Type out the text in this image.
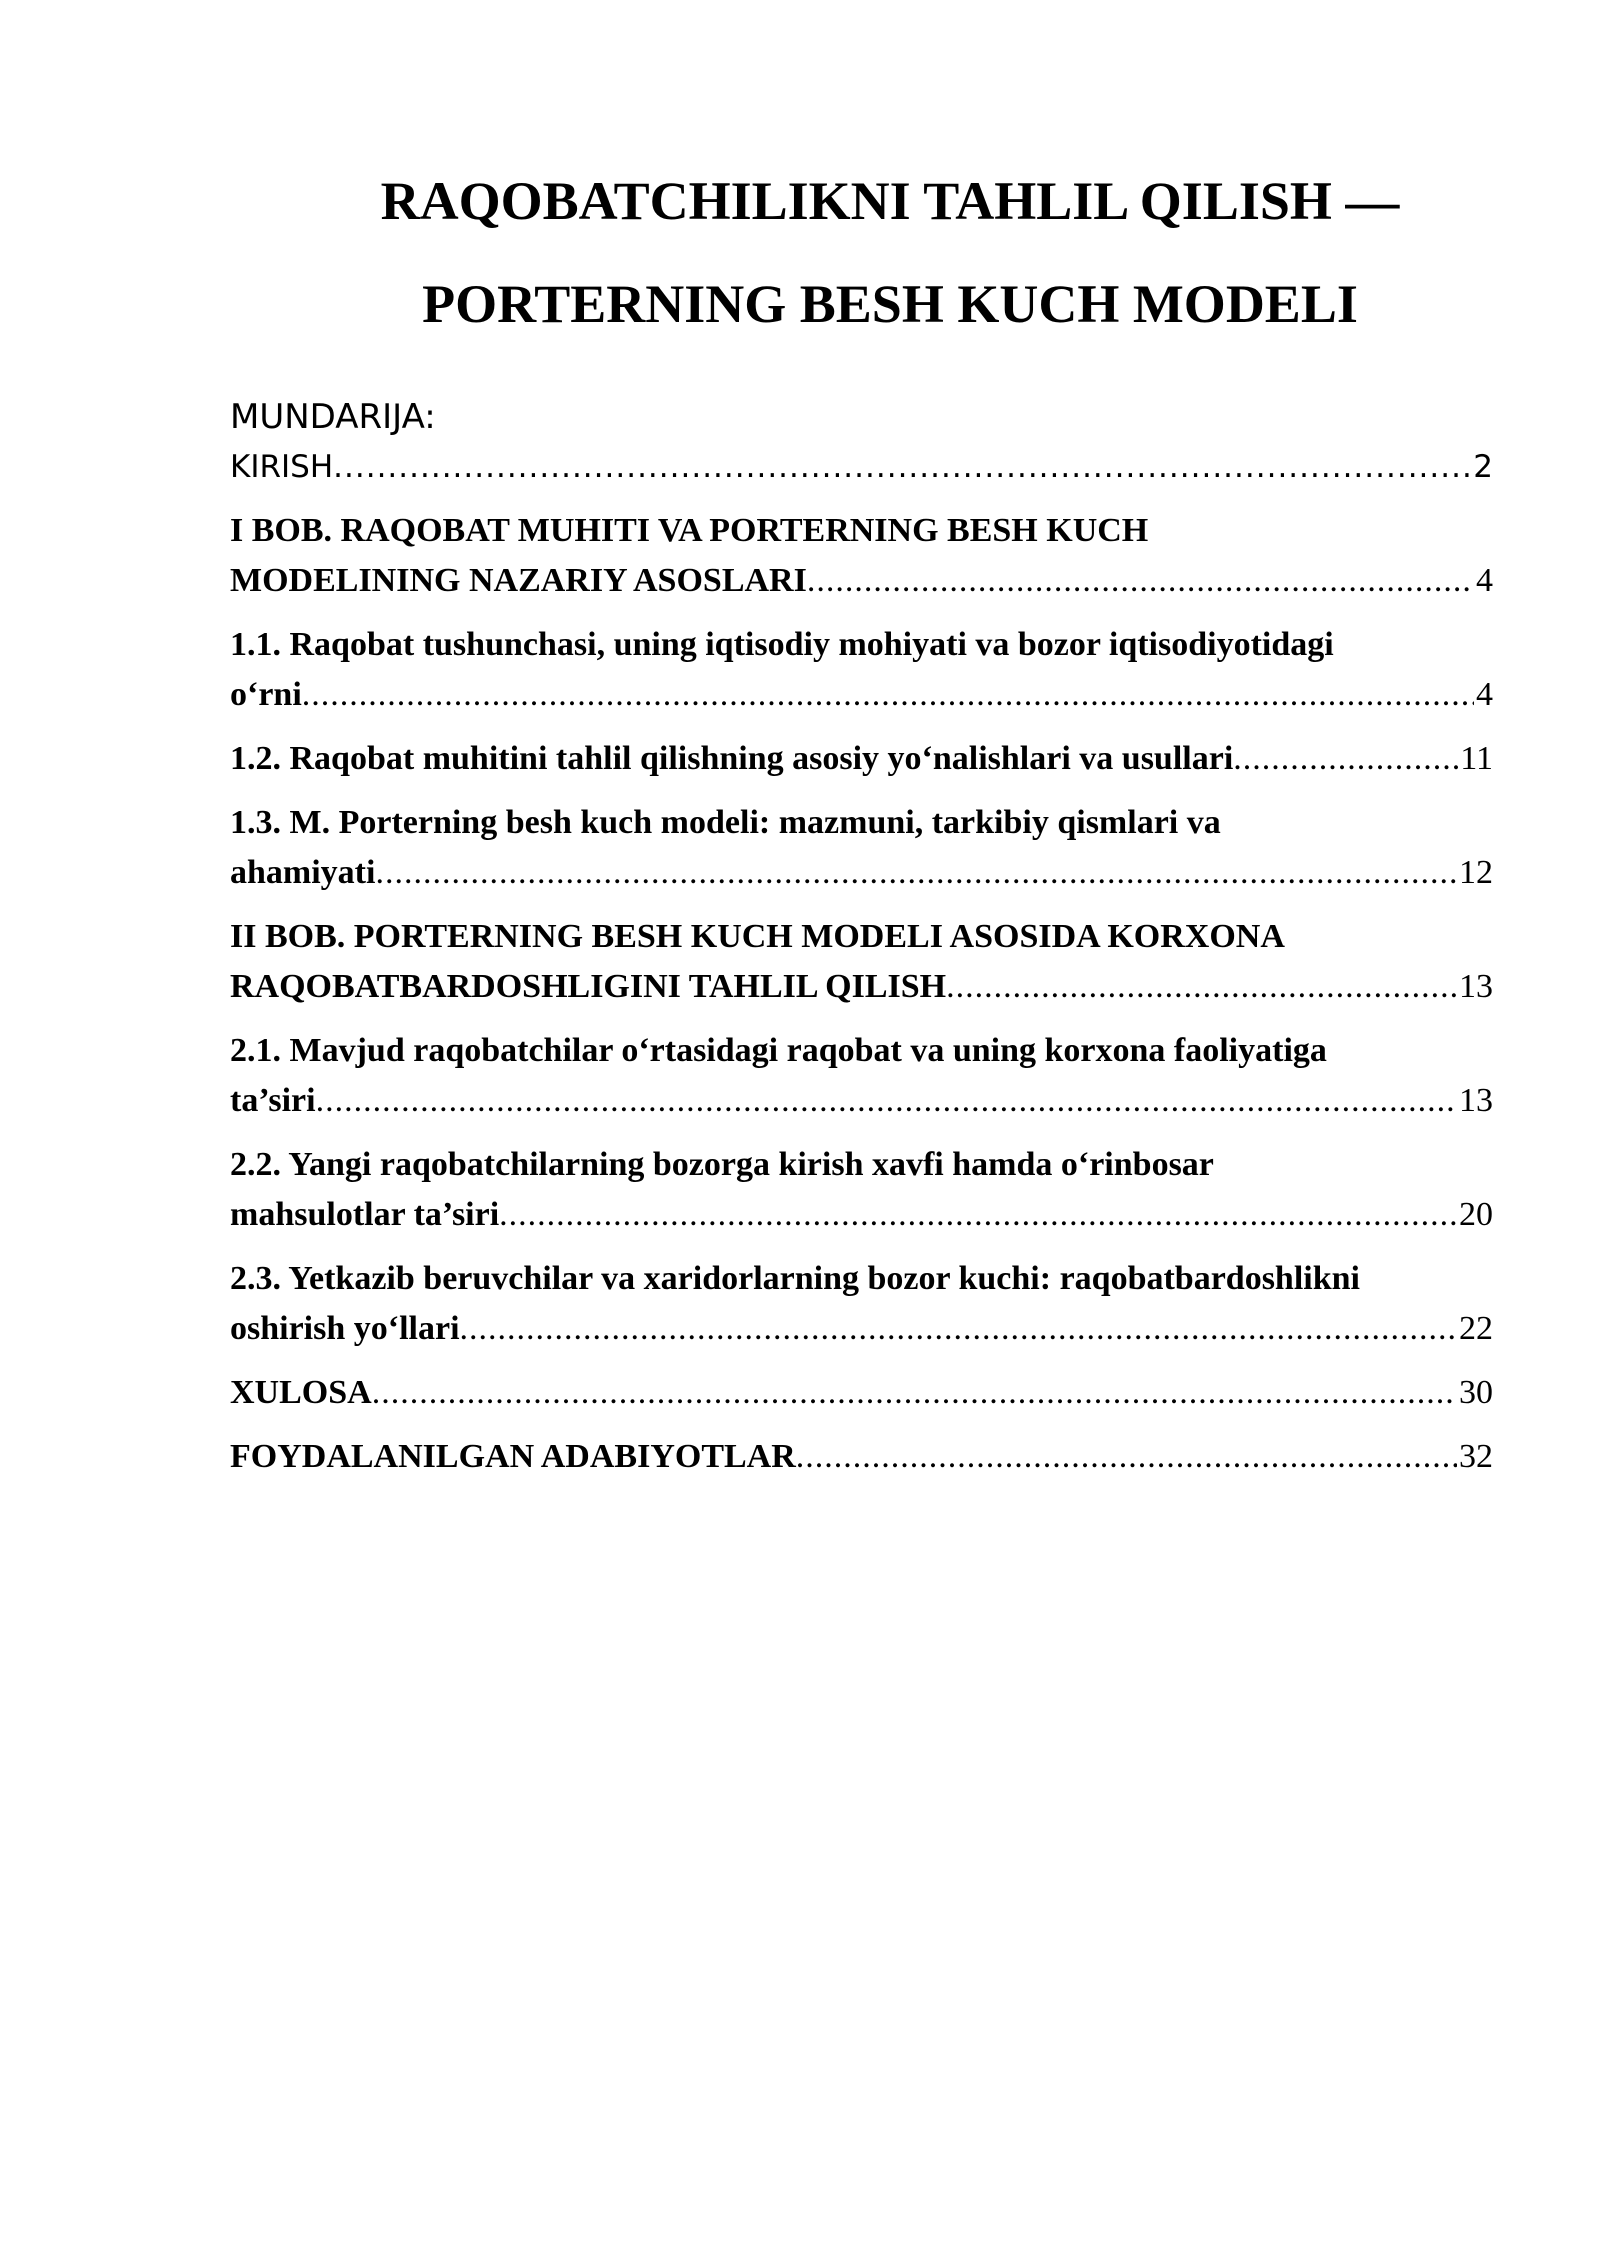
RAQOBATCHILIKNI TAHLIL QILISH —
PORTERNING BESH KUCH MODELI
MUNDARIJA:
KIRISH .....	2
I BOB. RAQOBAT MUHITI VA PORTERNING BESH KUCH
MODELINING NAZARIY ASOSLARI .....	4
1.1. Raqobat tushunchasi, uning iqtisodiy mohiyati va bozor iqtisodiyotidagi
o‘rni .....	4
1.2. Raqobat muhitini tahlil qilishning asosiy yo‘nalishlari va usullari .....	11
1.3. M. Porterning besh kuch modeli: mazmuni, tarkibiy qismlari va
ahamiyati .....	12
II BOB. PORTERNING BESH KUCH MODELI ASOSIDA KORXONA
RAQOBATBARDOSHLIGINI TAHLIL QILISH .....	13
2.1. Mavjud raqobatchilar o‘rtasidagi raqobat va uning korxona faoliyatiga
ta’siri .....	13
2.2. Yangi raqobatchilarning bozorga kirish xavfi hamda o‘rinbosar
mahsulotlar ta’siri .....	20
2.3. Yetkazib beruvchilar va xaridorlarning bozor kuchi: raqobatbardoshlikni
oshirish yo‘llari .....	22
XULOSA .....	30
FOYDALANILGAN ADABIYOTLAR .....	32
